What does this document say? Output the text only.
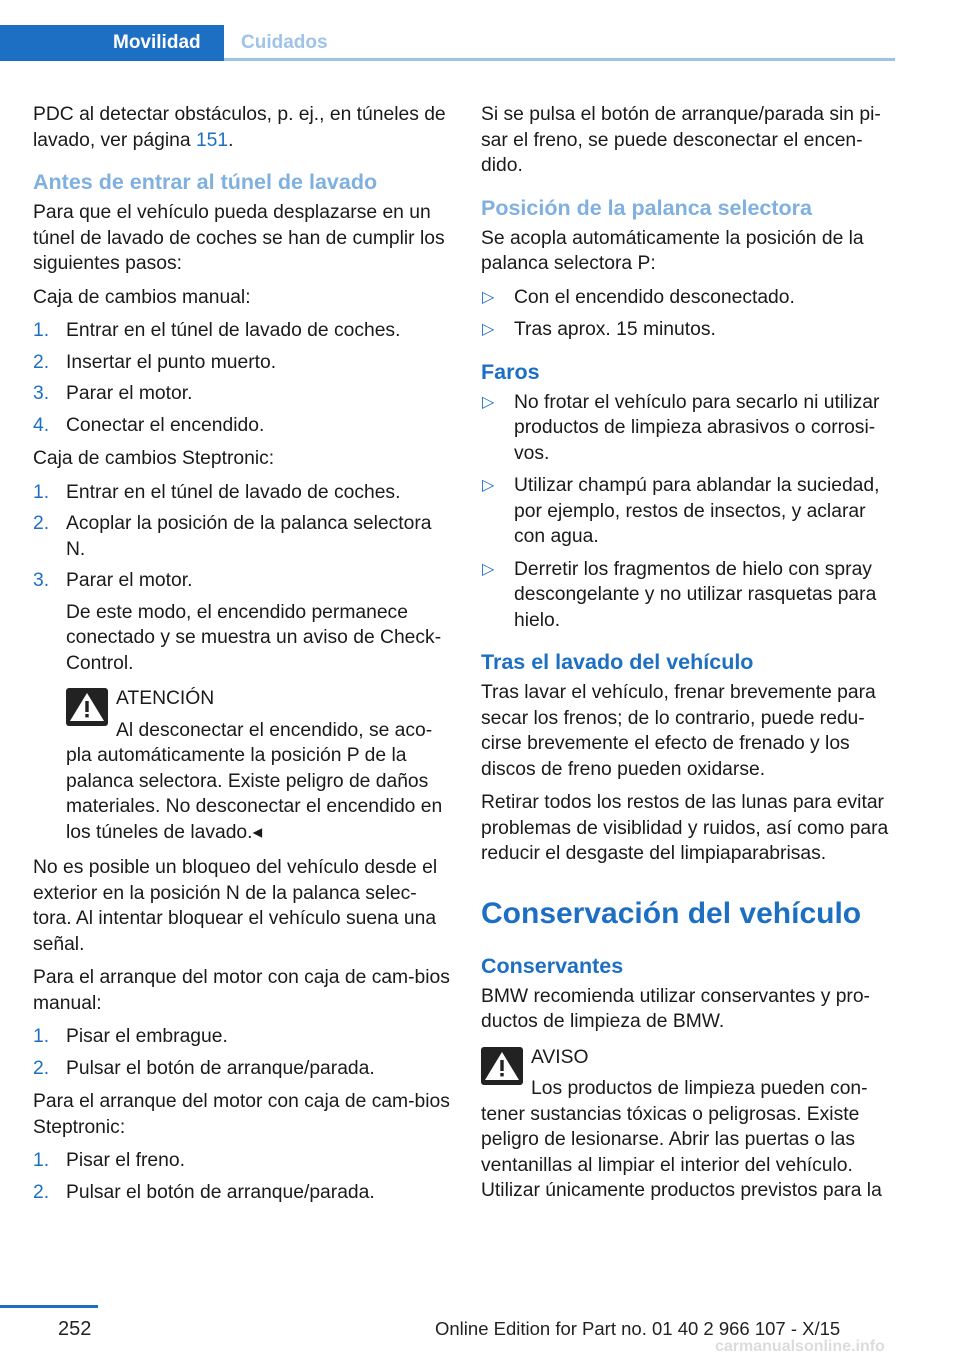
Movilidad	Cuidados

PDC al detectar obstáculos, p. ej., en túneles de lavado, ver página 151.

Antes de entrar al túnel de lavado

Para que el vehículo pueda desplazarse en un túnel de lavado de coches se han de cumplir los siguientes pasos:

Caja de cambios manual:

1. Entrar en el túnel de lavado de coches.
2. Insertar el punto muerto.
3. Parar el motor.
4. Conectar el encendido.

Caja de cambios Steptronic:

1. Entrar en el túnel de lavado de coches.
2. Acoplar la posición de la palanca selectora N.
3. Parar el motor.
De este modo, el encendido permanece conectado y se muestra un aviso de Check-Control.
ATENCIÓN
Al desconectar el encendido, se aco‐
pla automáticamente la posición P de la palanca selectora. Existe peligro de daños materiales. No desconectar el encendido en los túneles de lavado.◂

No es posible un bloqueo del vehículo desde el exterior en la posición N de la palanca selec‐tora. Al intentar bloquear el vehículo suena una señal.

Para el arranque del motor con caja de cam‐bios manual:

1. Pisar el embrague.
2. Pulsar el botón de arranque/parada.

Para el arranque del motor con caja de cam‐bios Steptronic:

1. Pisar el freno.
2. Pulsar el botón de arranque/parada.

Si se pulsa el botón de arranque/parada sin pi‐sar el freno, se puede desconectar el encen‐dido.

Posición de la palanca selectora

Se acopla automáticamente la posición de la palanca selectora P:

▷ Con el encendido desconectado.
▷ Tras aprox. 15 minutos.
Faros
▷ No frotar el vehículo para secarlo ni utilizar productos de limpieza abrasivos o corrosi‐vos.
▷ Utilizar champú para ablandar la suciedad, por ejemplo, restos de insectos, y aclarar con agua.
▷ Derretir los fragmentos de hielo con spray descongelante y no utilizar rasquetas para hielo.
Tras el lavado del vehículo

Tras lavar el vehículo, frenar brevemente para secar los frenos; de lo contrario, puede redu‐cirse brevemente el efecto de frenado y los discos de freno pueden oxidarse.

Retirar todos los restos de las lunas para evitar problemas de visiblidad y ruidos, así como para reducir el desgaste del limpiaparabrisas.

Conservación del vehículo
Conservantes

BMW recomienda utilizar conservantes y pro‐ductos de limpieza de BMW.

AVISO
Los productos de limpieza pueden con‐
tener sustancias tóxicas o peligrosas. Existe peligro de lesionarse. Abrir las puertas o las ventanillas al limpiar el interior del vehículo. Utilizar únicamente productos previstos para la
252	Online Edition for Part no. 01 40 2 966 107 - X/15
carmanualsonline.info
